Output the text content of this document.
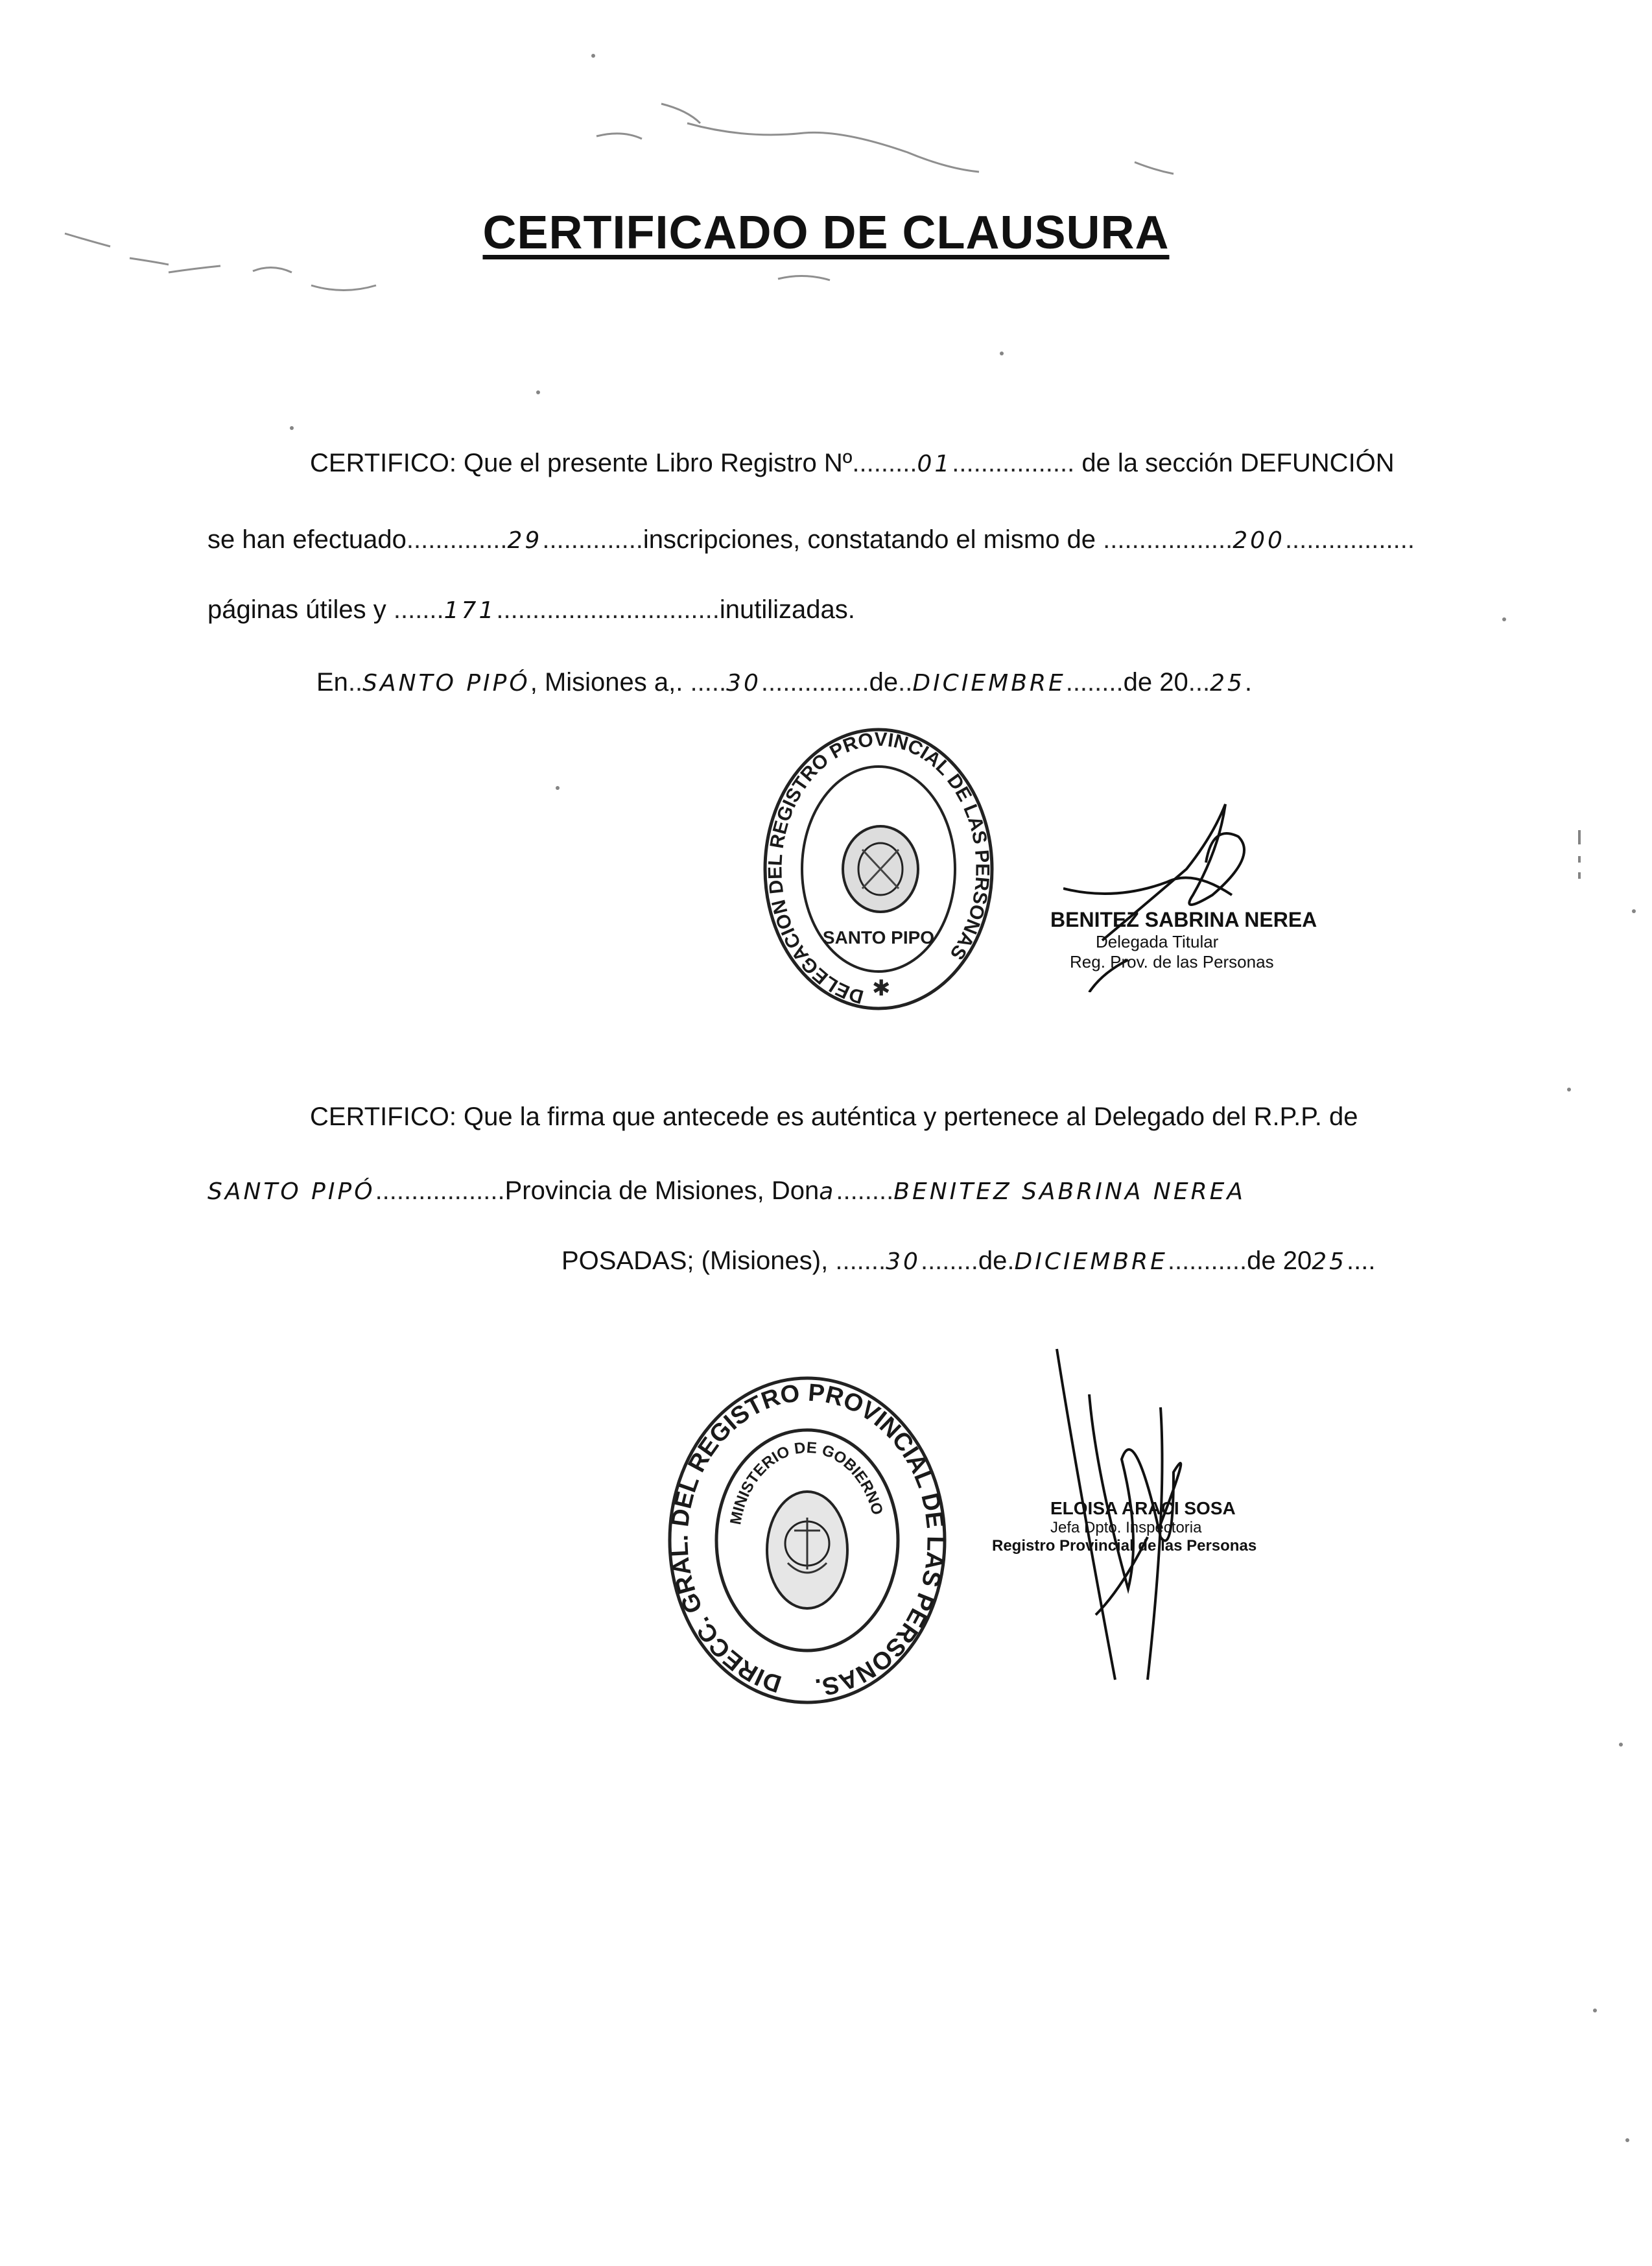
CERTIFICADO DE CLAUSURA
CERTIFICO: Que el presente Libro Registro Nº.........01................. de la sección DEFUNCIÓN
se han efectuado..............29..............inscripciones, constatando el mismo de ..................200..................
páginas útiles y .......171...............................inutilizadas.
En..SANTO PIPÓ, Misiones a,. .....30...............de..DICIEMBRE........de 20...25.
DELEGACION DEL REGISTRO PROVINCIAL DE LAS PERSONAS
SANTO PIPO
✱
BENITEZ SABRINA NEREA
Delegada Titular
Reg. Prov. de las Personas
CERTIFICO: Que la firma que antecede es auténtica y pertenece al Delegado del R.P.P. de
SANTO PIPÓ..................Provincia de Misiones, Dona........BENITEZ SABRINA NEREA
POSADAS; (Misiones), .......30........de.DICIEMBRE...........de 2025....
DIRECC. GRAL. DEL REGISTRO PROVINCIAL DE LAS PERSONAS.
MINISTERIO DE GOBIERNO	ELOISA ARACI SOSA
Jefa Dpto. Inspectoria
Registro Provincial de las Personas
